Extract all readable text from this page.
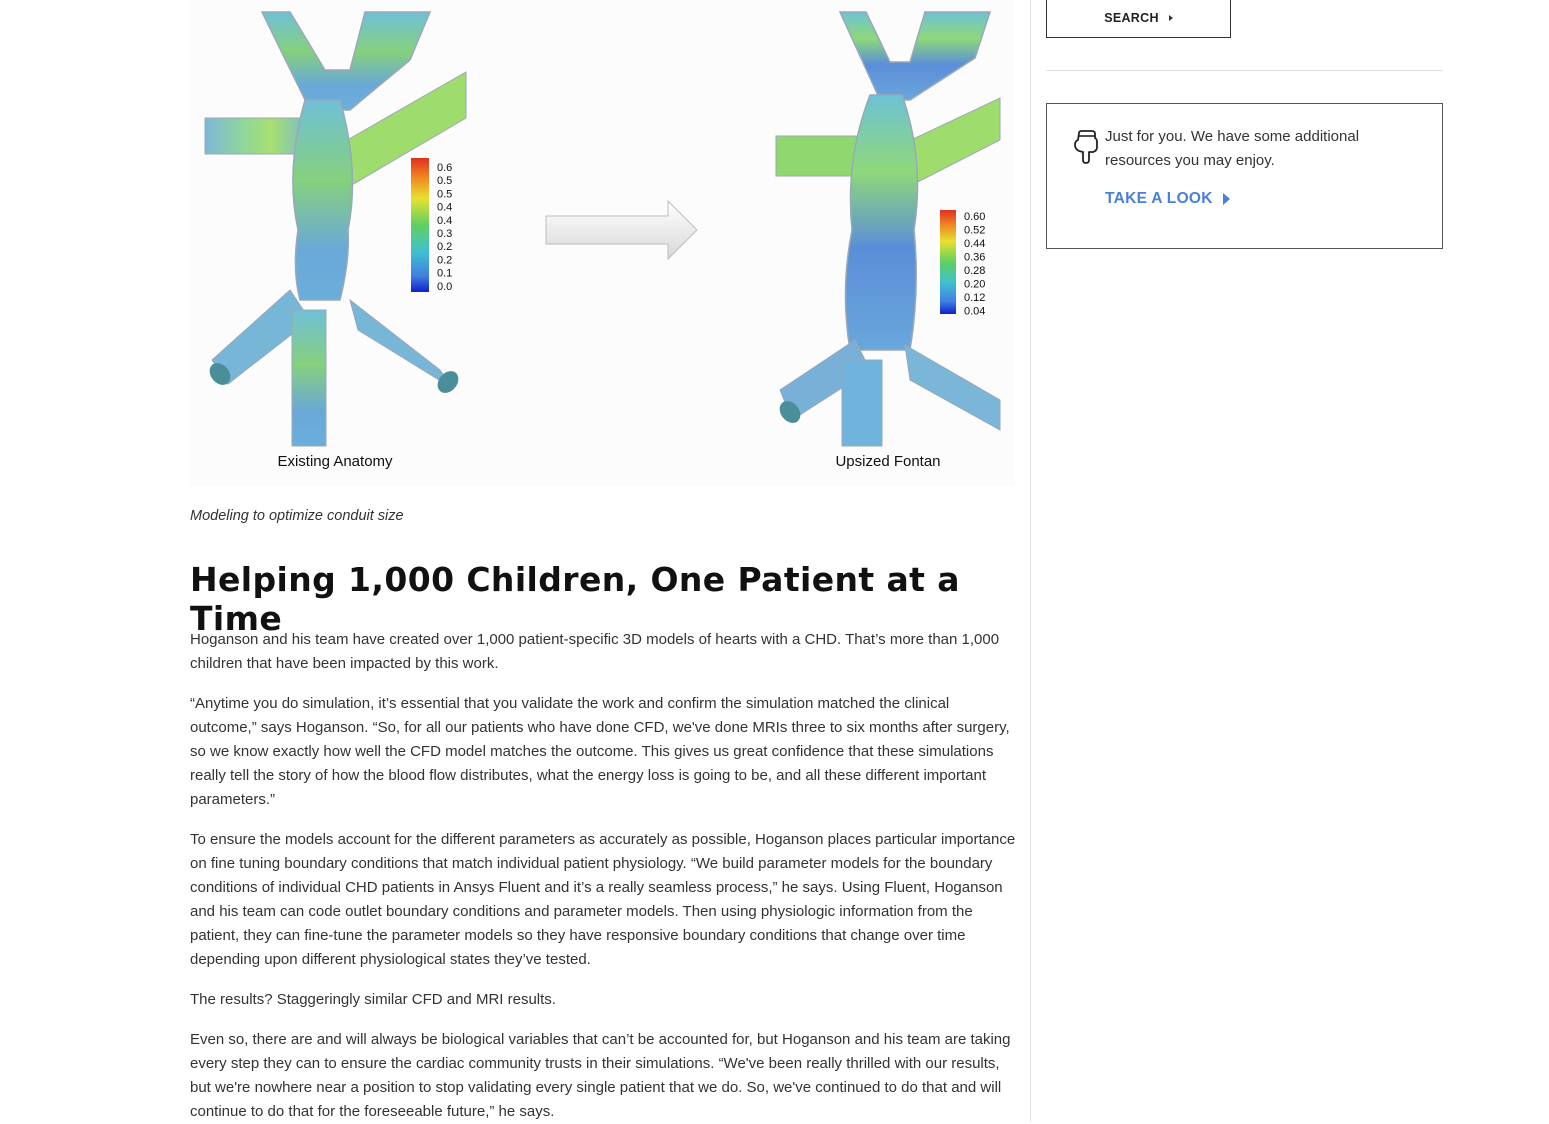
0.6
0.5
0.5
0.4
0.4
0.3
0.2
0.2
0.1
0.0
0.60
0.52
0.44
0.36
0.28
0.20
0.12
0.04
Existing Anatomy	Upsized Fontan
Modeling to optimize conduit size
Helping 1,000 Children, One Patient at a Time

Hoganson and his team have created over 1,000 patient-specific 3D models of hearts with a CHD. That’s more than 1,000 children that have been impacted by this work.

“Anytime you do simulation, it’s essential that you validate the work and confirm the simulation matched the clinical outcome,” says Hoganson. “So, for all our patients who have done CFD, we've done MRIs three to six months after surgery, so we know exactly how well the CFD model matches the outcome. This gives us great confidence that these simulations really tell the story of how the blood flow distributes, what the energy loss is going to be, and all these different important parameters.”

To ensure the models account for the different parameters as accurately as possible, Hoganson places particular importance on fine tuning boundary conditions that match individual patient physiology. “We build parameter models for the boundary conditions of individual CHD patients in Ansys Fluent and it’s a really seamless process,” he says. Using Fluent, Hoganson and his team can code outlet boundary conditions and parameter models. Then using physiologic information from the patient, they can fine-tune the parameter models so they have responsive boundary conditions that change over time depending upon different physiological states they’ve tested.

The results? Staggeringly similar CFD and MRI results.

Even so, there are and will always be biological variables that can’t be accounted for, but Hoganson and his team are taking every step they can to ensure the cardiac community trusts in their simulations. “We've been really thrilled with our results, but we're nowhere near a position to stop validating every single patient that we do. So, we've continued to do that and will continue to do that for the foreseeable future,” he says.

SEARCH
Just for you. We have some additional resources you may enjoy.
TAKE A LOOK
